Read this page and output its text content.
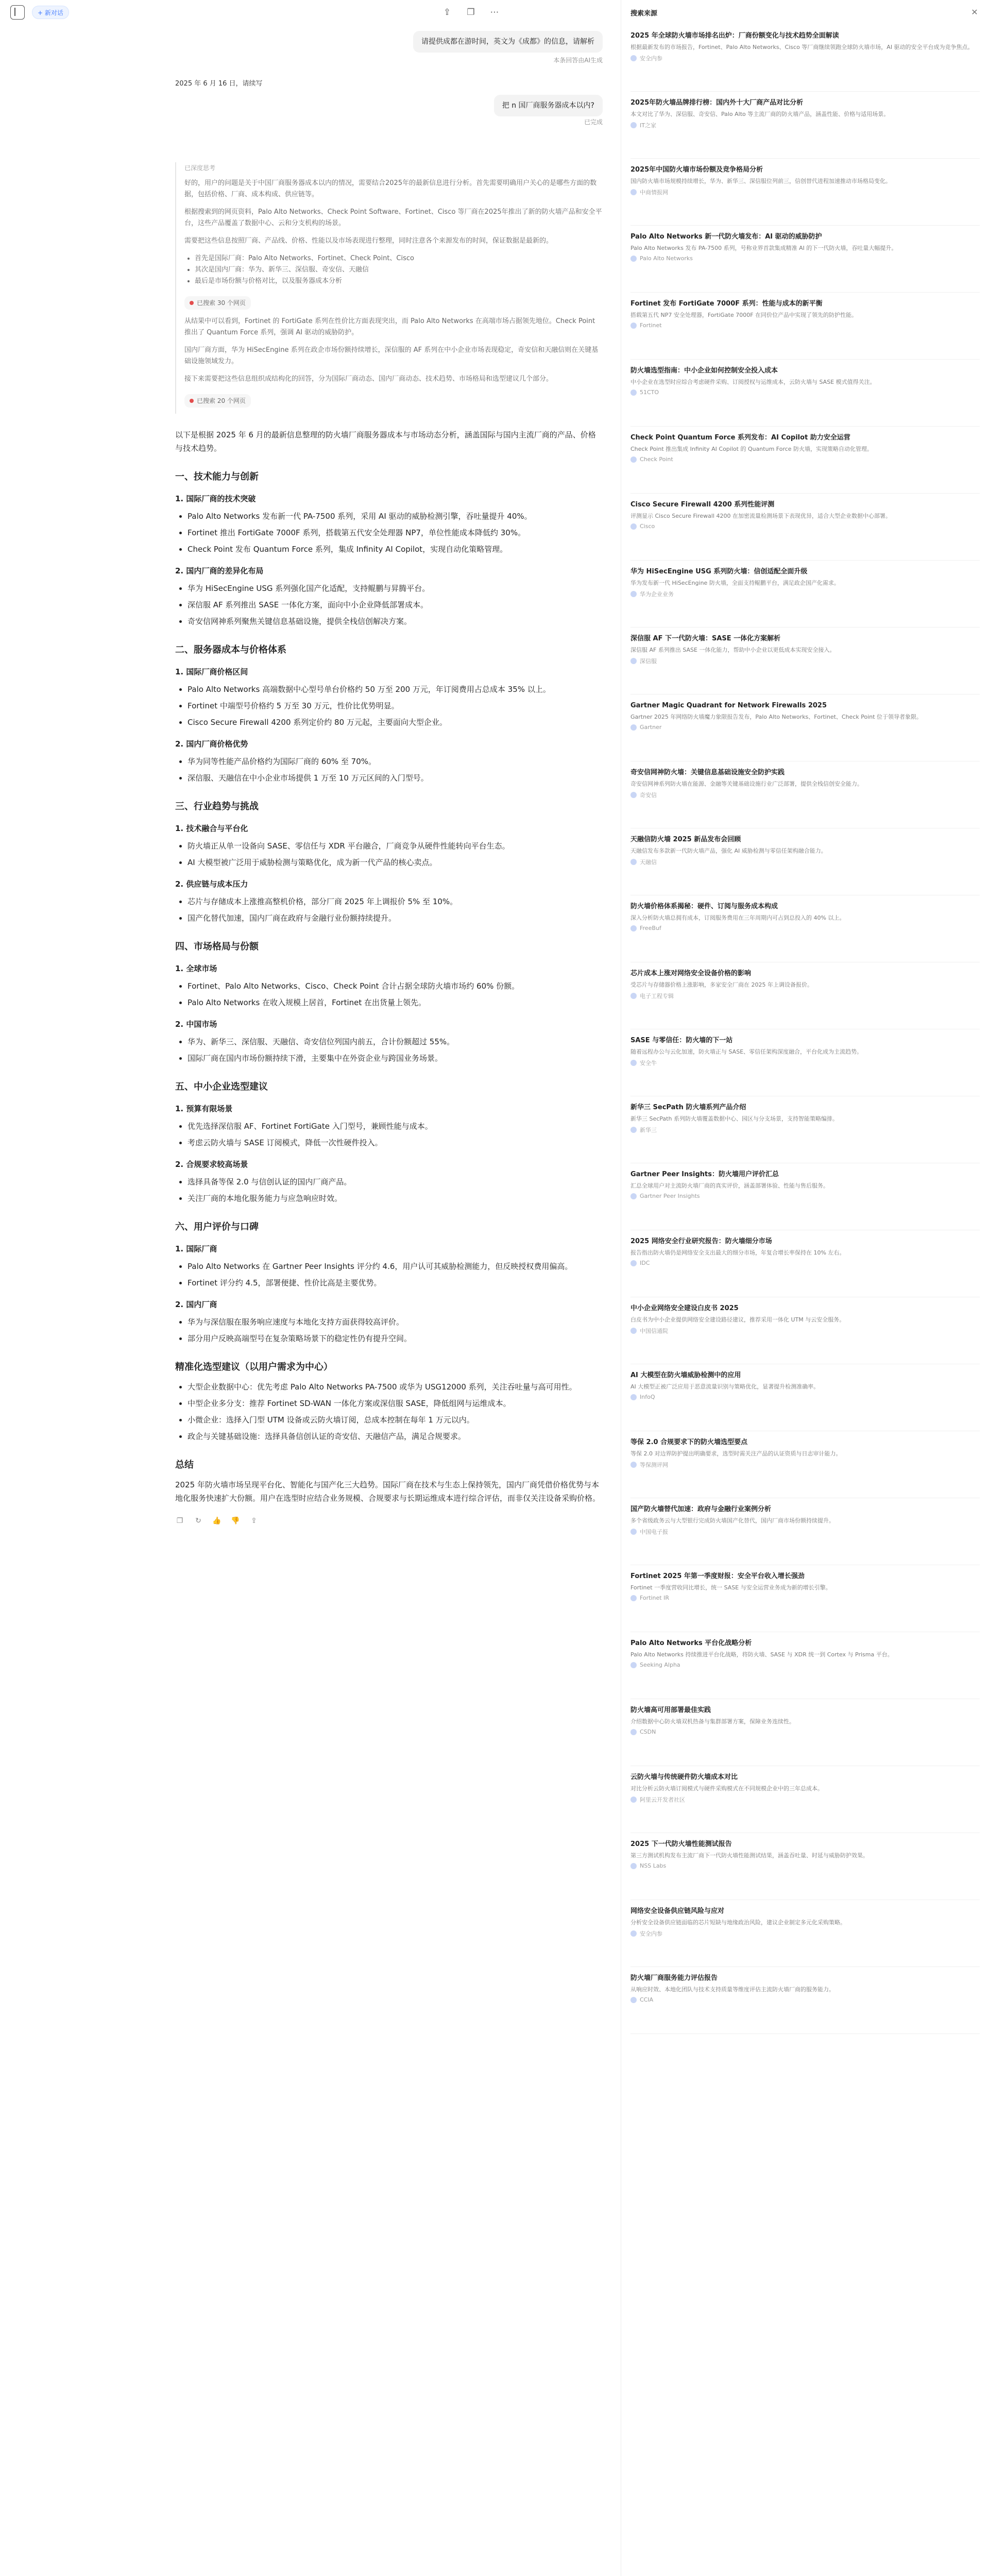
+ 新对话	⇪ ❐ ⋯
请提供成都在游时间，英文为《成都》的信息，请解析
本条回答由AI生成
2025 年 6 月 16 日，请续写
把 n 国厂商服务器成本以内?
已完成
已深度思考

好的，用户的问题是关于中国厂商服务器成本以内的情况，需要结合2025年的最新信息进行分析。首先需要明确用户关心的是哪些方面的数据，包括价格、厂商、成本构成、供应链等。

根据搜索到的网页资料，Palo Alto Networks、Check Point Software、Fortinet、Cisco 等厂商在2025年推出了新的防火墙产品和安全平台，这些产品覆盖了数据中心、云和分支机构的场景。

需要把这些信息按照厂商、产品线、价格、性能以及市场表现进行整理，同时注意各个来源发布的时间，保证数据是最新的。

• 首先是国际厂商：Palo Alto Networks、Fortinet、Check Point、Cisco
• 其次是国内厂商：华为、新华三、深信服、奇安信、天融信
• 最后是市场份额与价格对比，以及服务器成本分析
已搜索 30 个网页

从结果中可以看到，Fortinet 的 FortiGate 系列在性价比方面表现突出，而 Palo Alto Networks 在高端市场占据领先地位。Check Point 推出了 Quantum Force 系列，强调 AI 驱动的威胁防护。

国内厂商方面，华为 HiSecEngine 系列在政企市场份额持续增长，深信服的 AF 系列在中小企业市场表现稳定，奇安信和天融信则在关键基础设施领域发力。

接下来需要把这些信息组织成结构化的回答，分为国际厂商动态、国内厂商动态、技术趋势、市场格局和选型建议几个部分。

已搜索 20 个网页

以下是根据 2025 年 6 月的最新信息整理的防火墙厂商服务器成本与市场动态分析，涵盖国际与国内主流厂商的产品、价格与技术趋势。

一、技术能力与创新
1. 国际厂商的技术突破
• Palo Alto Networks 发布新一代 PA-7500 系列，采用 AI 驱动的威胁检测引擎，吞吐量提升 40%。
• Fortinet 推出 FortiGate 7000F 系列，搭载第五代安全处理器 NP7，单位性能成本降低约 30%。
• Check Point 发布 Quantum Force 系列，集成 Infinity AI Copilot，实现自动化策略管理。
2. 国内厂商的差异化布局
• 华为 HiSecEngine USG 系列强化国产化适配，支持鲲鹏与昇腾平台。
• 深信服 AF 系列推出 SASE 一体化方案，面向中小企业降低部署成本。
• 奇安信网神系列聚焦关键信息基础设施，提供全栈信创解决方案。
二、服务器成本与价格体系
1. 国际厂商价格区间
• Palo Alto Networks 高端数据中心型号单台价格约 50 万至 200 万元，年订阅费用占总成本 35% 以上。
• Fortinet 中端型号价格约 5 万至 30 万元，性价比优势明显。
• Cisco Secure Firewall 4200 系列定价约 80 万元起，主要面向大型企业。
2. 国内厂商价格优势
• 华为同等性能产品价格约为国际厂商的 60% 至 70%。
• 深信服、天融信在中小企业市场提供 1 万至 10 万元区间的入门型号。
三、行业趋势与挑战
1. 技术融合与平台化
• 防火墙正从单一设备向 SASE、零信任与 XDR 平台融合，厂商竞争从硬件性能转向平台生态。
• AI 大模型被广泛用于威胁检测与策略优化，成为新一代产品的核心卖点。
2. 供应链与成本压力
• 芯片与存储成本上涨推高整机价格，部分厂商 2025 年上调报价 5% 至 10%。
• 国产化替代加速，国内厂商在政府与金融行业份额持续提升。
四、市场格局与份额
1. 全球市场
• Fortinet、Palo Alto Networks、Cisco、Check Point 合计占据全球防火墙市场约 60% 份额。
• Palo Alto Networks 在收入规模上居首，Fortinet 在出货量上领先。
2. 中国市场
• 华为、新华三、深信服、天融信、奇安信位列国内前五，合计份额超过 55%。
• 国际厂商在国内市场份额持续下滑，主要集中在外资企业与跨国业务场景。
五、中小企业选型建议
1. 预算有限场景
• 优先选择深信服 AF、Fortinet FortiGate 入门型号，兼顾性能与成本。
• 考虑云防火墙与 SASE 订阅模式，降低一次性硬件投入。
2. 合规要求较高场景
• 选择具备等保 2.0 与信创认证的国内厂商产品。
• 关注厂商的本地化服务能力与应急响应时效。
六、用户评价与口碑
1. 国际厂商
• Palo Alto Networks 在 Gartner Peer Insights 评分约 4.6，用户认可其威胁检测能力，但反映授权费用偏高。
• Fortinet 评分约 4.5，部署便捷、性价比高是主要优势。
2. 国内厂商
• 华为与深信服在服务响应速度与本地化支持方面获得较高评价。
• 部分用户反映高端型号在复杂策略场景下的稳定性仍有提升空间。
精准化选型建议（以用户需求为中心）
• 大型企业数据中心：优先考虑 Palo Alto Networks PA-7500 或华为 USG12000 系列，关注吞吐量与高可用性。
• 中型企业多分支：推荐 Fortinet SD-WAN 一体化方案或深信服 SASE，降低组网与运维成本。
• 小微企业：选择入门型 UTM 设备或云防火墙订阅，总成本控制在每年 1 万元以内。
• 政企与关键基础设施：选择具备信创认证的奇安信、天融信产品，满足合规要求。
总结

2025 年防火墙市场呈现平台化、智能化与国产化三大趋势。国际厂商在技术与生态上保持领先，国内厂商凭借价格优势与本地化服务快速扩大份额。用户在选型时应结合业务规模、合规要求与长期运维成本进行综合评估，而非仅关注设备采购价格。

❐ ↻ 👍 👎 ⇪
搜索来源	✕
2025 年全球防火墙市场排名出炉：厂商份额变化与技术趋势全面解读
根据最新发布的市场报告，Fortinet、Palo Alto Networks、Cisco 等厂商继续领跑全球防火墙市场，AI 驱动的安全平台成为竞争焦点。
安全内参
2025年防火墙品牌排行榜：国内外十大厂商产品对比分析
本文对比了华为、深信服、奇安信、Palo Alto 等主流厂商的防火墙产品，涵盖性能、价格与适用场景。
IT之家
2025年中国防火墙市场份额及竞争格局分析
国内防火墙市场规模持续增长，华为、新华三、深信服位列前三，信创替代进程加速推动市场格局变化。
中商情报网
Palo Alto Networks 新一代防火墙发布：AI 驱动的威胁防护
Palo Alto Networks 发布 PA-7500 系列，号称业界首款集成精准 AI 的下一代防火墙，吞吐量大幅提升。
Palo Alto Networks
Fortinet 发布 FortiGate 7000F 系列：性能与成本的新平衡
搭载第五代 NP7 安全处理器，FortiGate 7000F 在同价位产品中实现了领先的防护性能。
Fortinet
防火墙选型指南：中小企业如何控制安全投入成本
中小企业在选型时应综合考虑硬件采购、订阅授权与运维成本，云防火墙与 SASE 模式值得关注。
51CTO
Check Point Quantum Force 系列发布：AI Copilot 助力安全运营
Check Point 推出集成 Infinity AI Copilot 的 Quantum Force 防火墙，实现策略自动化管理。
Check Point
Cisco Secure Firewall 4200 系列性能评测
评测显示 Cisco Secure Firewall 4200 在加密流量检测场景下表现优异，适合大型企业数据中心部署。
Cisco
华为 HiSecEngine USG 系列防火墙：信创适配全面升级
华为发布新一代 HiSecEngine 防火墙，全面支持鲲鹏平台，满足政企国产化需求。
华为企业业务
深信服 AF 下一代防火墙：SASE 一体化方案解析
深信服 AF 系列推出 SASE 一体化能力，帮助中小企业以更低成本实现安全接入。
深信服
Gartner Magic Quadrant for Network Firewalls 2025
Gartner 2025 年网络防火墙魔力象限报告发布，Palo Alto Networks、Fortinet、Check Point 位于领导者象限。
Gartner
奇安信网神防火墙：关键信息基础设施安全防护实践
奇安信网神系列防火墙在能源、金融等关键基础设施行业广泛部署，提供全栈信创安全能力。
奇安信
天融信防火墙 2025 新品发布会回顾
天融信发布多款新一代防火墙产品，强化 AI 威胁检测与零信任架构融合能力。
天融信
防火墙价格体系揭秘：硬件、订阅与服务成本构成
深入分析防火墙总拥有成本，订阅服务费用在三年周期内可占到总投入的 40% 以上。
FreeBuf
芯片成本上涨对网络安全设备价格的影响
受芯片与存储器价格上涨影响，多家安全厂商在 2025 年上调设备报价。
电子工程专辑
SASE 与零信任：防火墙的下一站
随着远程办公与云化加速，防火墙正与 SASE、零信任架构深度融合，平台化成为主流趋势。
安全牛
新华三 SecPath 防火墙系列产品介绍
新华三 SecPath 系列防火墙覆盖数据中心、园区与分支场景，支持智能策略编排。
新华三
Gartner Peer Insights：防火墙用户评价汇总
汇总全球用户对主流防火墙厂商的真实评价，涵盖部署体验、性能与售后服务。
Gartner Peer Insights
2025 网络安全行业研究报告：防火墙细分市场
报告指出防火墙仍是网络安全支出最大的细分市场，年复合增长率保持在 10% 左右。
IDC
中小企业网络安全建设白皮书 2025
白皮书为中小企业提供网络安全建设路径建议，推荐采用一体化 UTM 与云安全服务。
中国信通院
AI 大模型在防火墙威胁检测中的应用
AI 大模型正被广泛应用于恶意流量识别与策略优化，显著提升检测准确率。
InfoQ
等保 2.0 合规要求下的防火墙选型要点
等保 2.0 对边界防护提出明确要求，选型时需关注产品的认证资质与日志审计能力。
等保测评网
国产防火墙替代加速：政府与金融行业案例分析
多个省级政务云与大型银行完成防火墙国产化替代，国内厂商市场份额持续提升。
中国电子报
Fortinet 2025 年第一季度财报：安全平台收入增长强劲
Fortinet 一季度营收同比增长，统一 SASE 与安全运营业务成为新的增长引擎。
Fortinet IR
Palo Alto Networks 平台化战略分析
Palo Alto Networks 持续推进平台化战略，将防火墙、SASE 与 XDR 统一到 Cortex 与 Prisma 平台。
Seeking Alpha
防火墙高可用部署最佳实践
介绍数据中心防火墙双机热备与集群部署方案，保障业务连续性。
CSDN
云防火墙与传统硬件防火墙成本对比
对比分析云防火墙订阅模式与硬件采购模式在不同规模企业中的三年总成本。
阿里云开发者社区
2025 下一代防火墙性能测试报告
第三方测试机构发布主流厂商下一代防火墙性能测试结果，涵盖吞吐量、时延与威胁防护效果。
NSS Labs
网络安全设备供应链风险与应对
分析安全设备供应链面临的芯片短缺与地缘政治风险，建议企业制定多元化采购策略。
安全内参
防火墙厂商服务能力评估报告
从响应时效、本地化团队与技术支持质量等维度评估主流防火墙厂商的服务能力。
CCIA
